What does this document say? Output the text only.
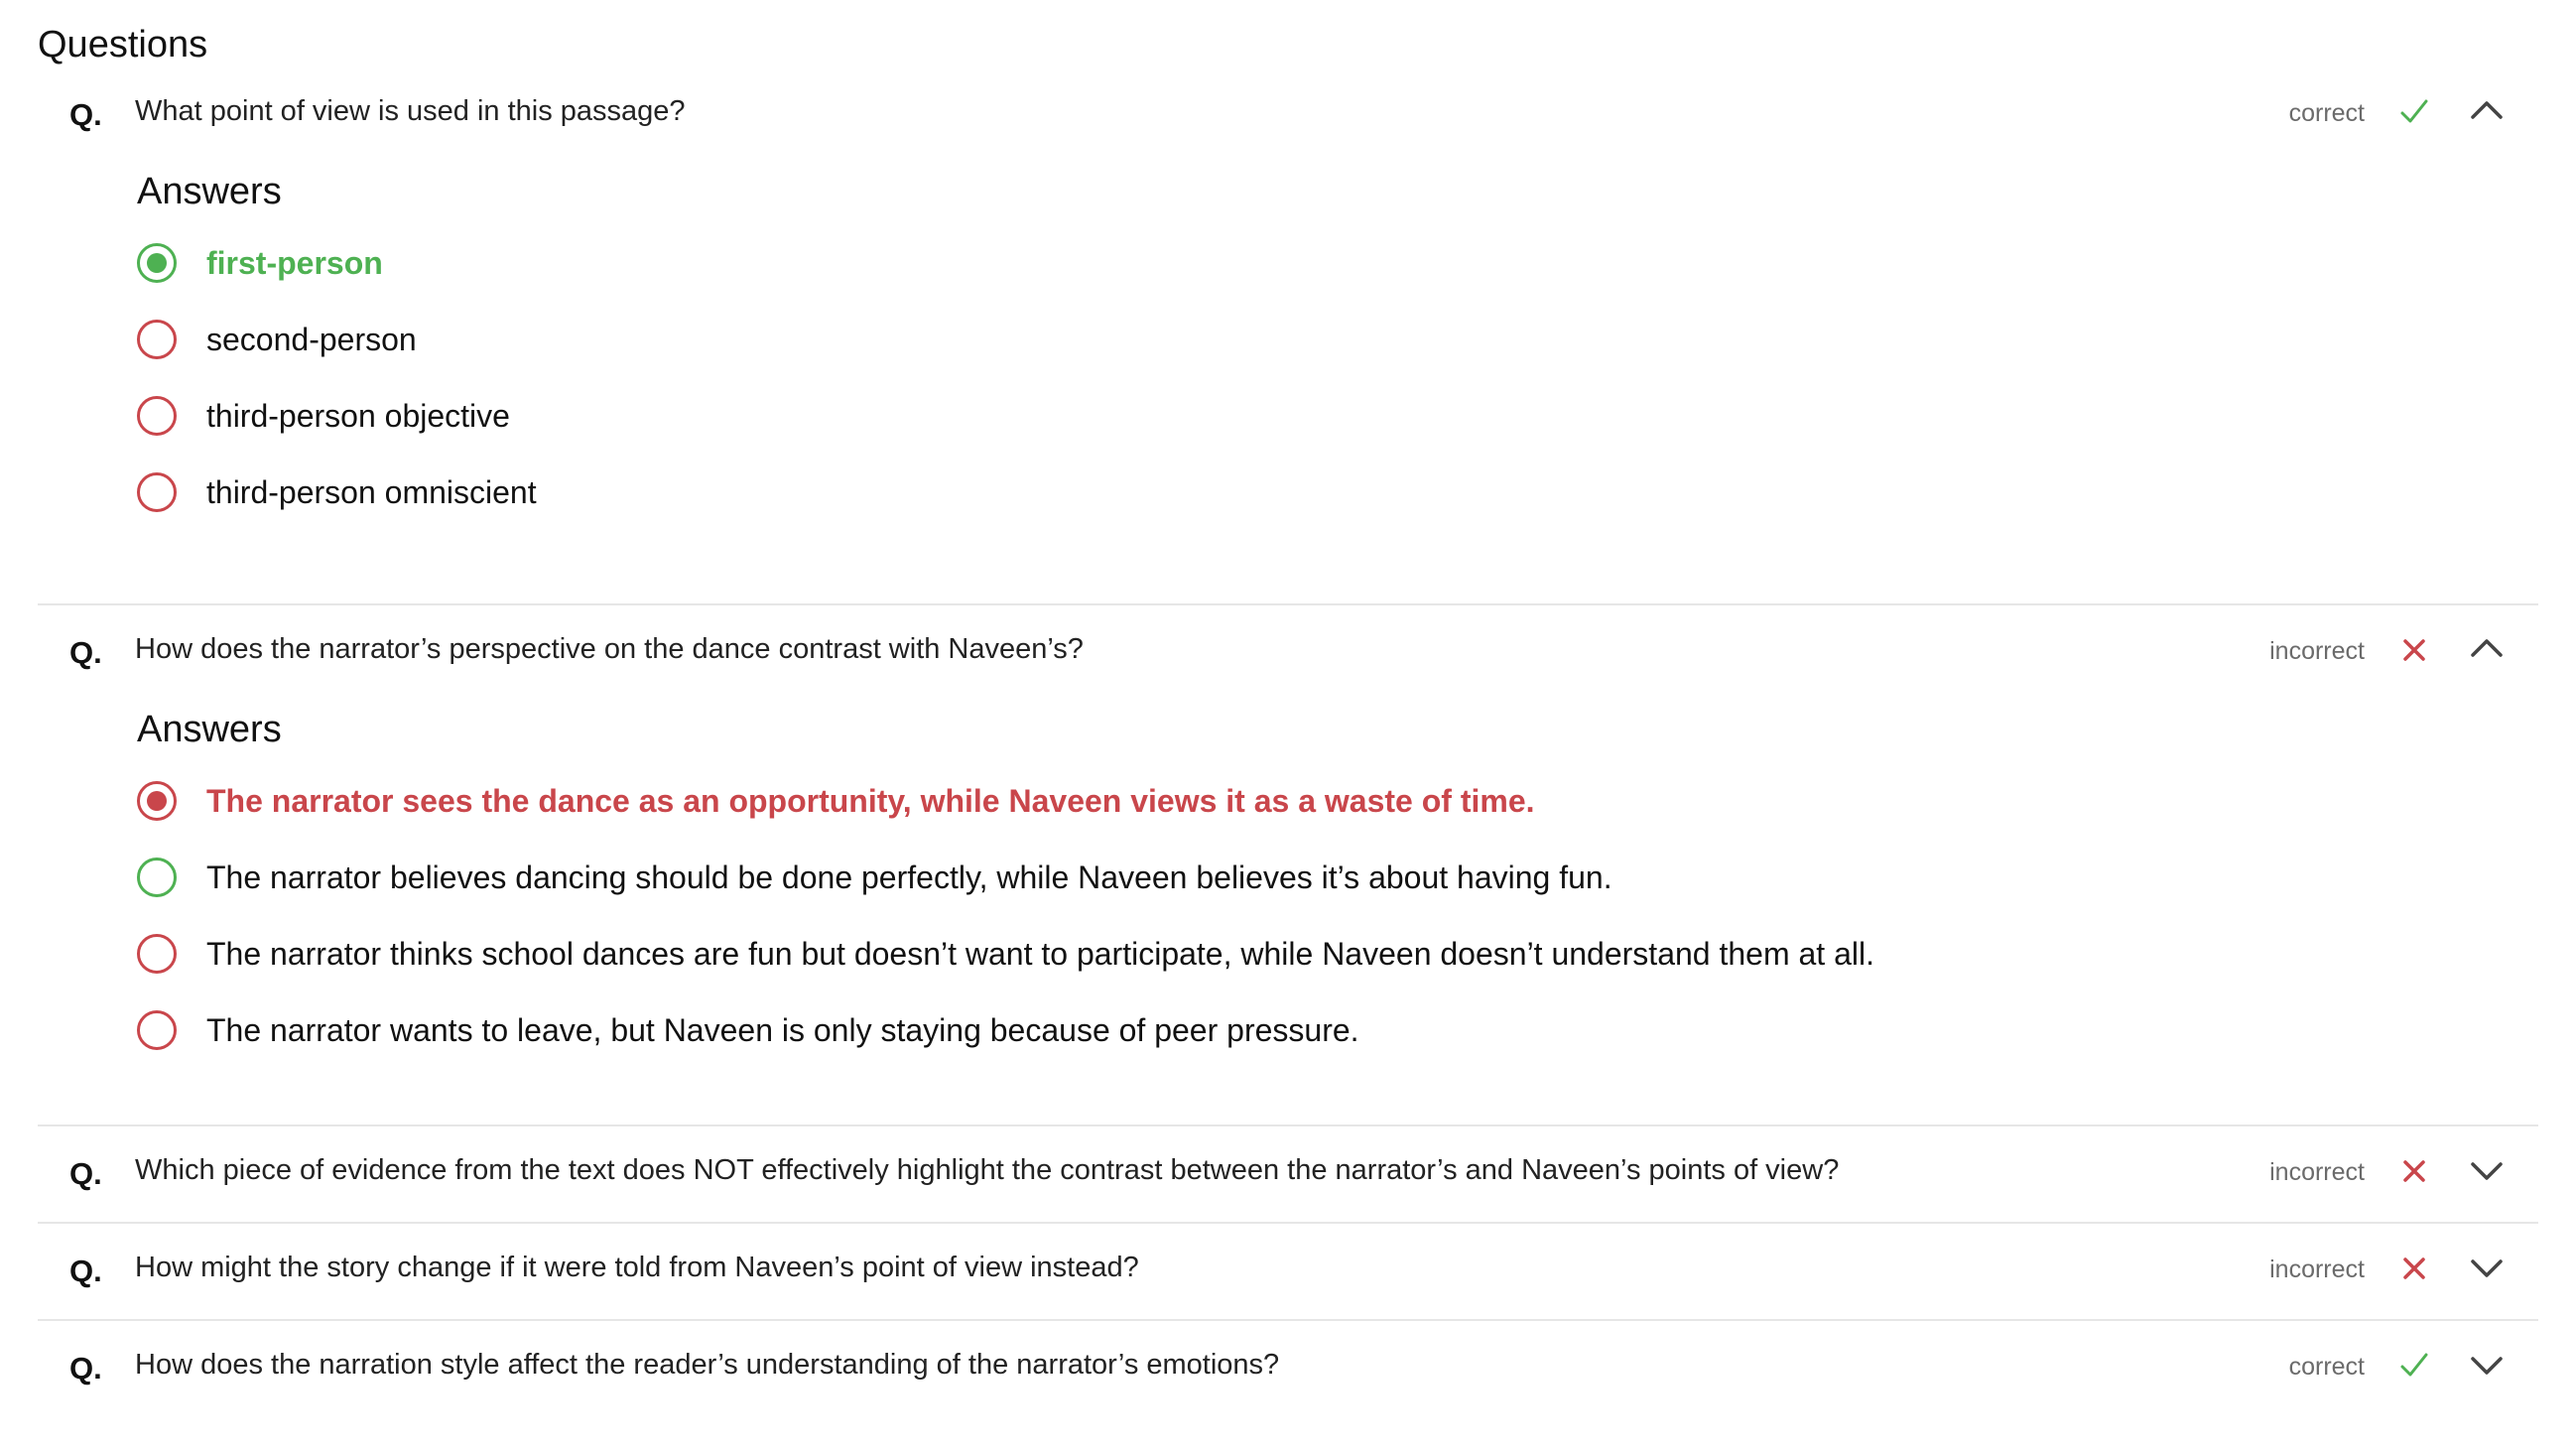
Questions
Q. What point of view is used in this passage?	correct
Answers
first-person
second-person
third-person objective
third-person omniscient
Q. How does the narrator’s perspective on the dance contrast with Naveen’s?	incorrect
Answers
The narrator sees the dance as an opportunity, while Naveen views it as a waste of time.
The narrator believes dancing should be done perfectly, while Naveen believes it’s about having fun.
The narrator thinks school dances are fun but doesn’t want to participate, while Naveen doesn’t understand them at all.
The narrator wants to leave, but Naveen is only staying because of peer pressure.
Q. Which piece of evidence from the text does NOT effectively highlight the contrast between the narrator’s and Naveen’s points of view?	incorrect
Q. How might the story change if it were told from Naveen’s point of view instead?	incorrect
Q. How does the narration style affect the reader’s understanding of the narrator’s emotions?	correct
